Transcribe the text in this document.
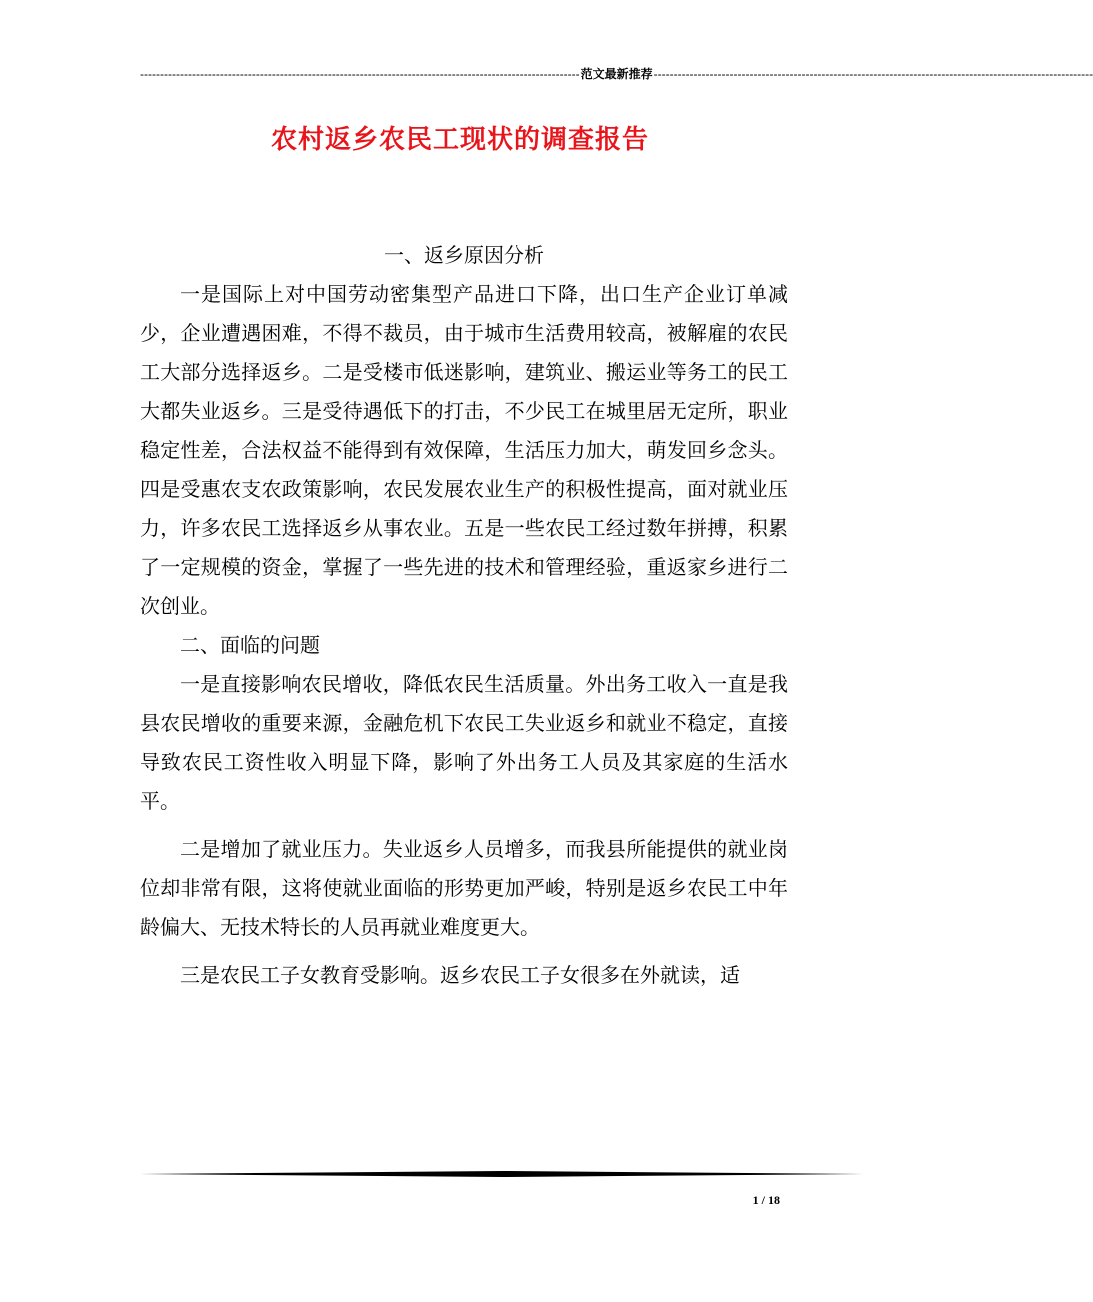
-------------------------------------------------------------------------------------------------------------- 范文最新推荐 --------------------------------------------------------------------------------------------------------------
农村返乡农民工现状的调查报告

一、返乡原因分析

一是国际上对中国劳动密集型产品进口下降，出口生产企业订单减少，企业遭遇困难，不得不裁员，由于城市生活费用较高，被解雇的农民工大部分选择返乡。二是受楼市低迷影响，建筑业、搬运业等务工的民工大都失业返乡。三是受待遇低下的打击，不少民工在城里居无定所，职业稳定性差，合法权益不能得到有效保障，生活压力加大，萌发回乡念头。四是受惠农支农政策影响，农民发展农业生产的积极性提高，面对就业压力，许多农民工选择返乡从事农业。五是一些农民工经过数年拼搏，积累了一定规模的资金，掌握了一些先进的技术和管理经验，重返家乡进行二次创业。

二、面临的问题

一是直接影响农民增收，降低农民生活质量。外出务工收入一直是我县农民增收的重要来源，金融危机下农民工失业返乡和就业不稳定，直接导致农民工资性收入明显下降，影响了外出务工人员及其家庭的生活水平。

二是增加了就业压力。失业返乡人员增多，而我县所能提供的就业岗位却非常有限，这将使就业面临的形势更加严峻，特别是返乡农民工中年龄偏大、无技术特长的人员再就业难度更大。

三是农民工子女教育受影响。返乡农民工子女很多在外就读，适

1 / 18
